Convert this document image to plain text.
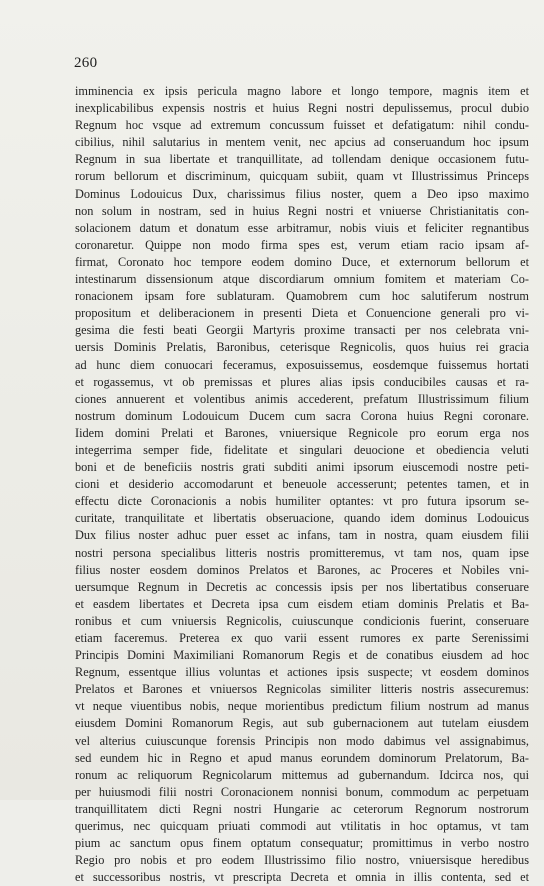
260
imminencia ex ipsis pericula magno labore et longo tempore, magnis item et
inexplicabilibus expensis nostris et huius Regni nostri depulissemus, procul dubio
Regnum hoc vsque ad extremum concussum fuisset et defatigatum: nihil condu-
cibilius, nihil salutarius in mentem venit, nec apcius ad conseruandum hoc ipsum
Regnum in sua libertate et tranquillitate, ad tollendam denique occasionem futu-
rorum bellorum et discriminum, quicquam subiit, quam vt Illustrissimus Princeps
Dominus Lodouicus Dux, charissimus filius noster, quem a Deo ipso maximo
non solum in nostram, sed in huius Regni nostri et vniuerse Christianitatis con-
solacionem datum et donatum esse arbitramur, nobis viuis et feliciter regnantibus
coronaretur. Quippe non modo firma spes est, verum etiam racio ipsam af-
firmat, Coronato hoc tempore eodem domino Duce, et externorum bellorum et
intestinarum dissensionum atque discordiarum omnium fomitem et materiam Co-
ronacionem ipsam fore sublaturam. Quamobrem cum hoc salutiferum nostrum
propositum et deliberacionem in presenti Dieta et Conuencione generali pro vi-
gesima die festi beati Georgii Martyris proxime transacti per nos celebrata vni-
uersis Dominis Prelatis, Baronibus, ceterisque Regnicolis, quos huius rei gracia
ad hunc diem conuocari feceramus, exposuissemus, eosdemque fuissemus hortati
et rogassemus, vt ob premissas et plures alias ipsis conducibiles causas et ra-
ciones annuerent et volentibus animis accederent, prefatum Illustrissimum filium
nostrum dominum Lodouicum Ducem cum sacra Corona huius Regni coronare.
Iidem domini Prelati et Barones, vniuersique Regnicole pro eorum erga nos
integerrima semper fide, fidelitate et singulari deuocione et obediencia veluti
boni et de beneficiis nostris grati subditi animi ipsorum eiuscemodi nostre peti-
cioni et desiderio accomodarunt et beneuole accesserunt; petentes tamen, et in
effectu dicte Coronacionis a nobis humiliter optantes: vt pro futura ipsorum se-
curitate, tranquilitate et libertatis obseruacione, quando idem dominus Lodouicus
Dux filius noster adhuc puer esset ac infans, tam in nostra, quam eiusdem filii
nostri persona specialibus litteris nostris promitteremus, vt tam nos, quam ipse
filius noster eosdem dominos Prelatos et Barones, ac Proceres et Nobiles vni-
uersumque Regnum in Decretis ac concessis ipsis per nos libertatibus conseruare
et easdem libertates et Decreta ipsa cum eisdem etiam dominis Prelatis et Ba-
ronibus et cum vniuersis Regnicolis, cuiuscunque condicionis fuerint, conseruare
etiam faceremus. Preterea ex quo varii essent rumores ex parte Serenissimi
Principis Domini Maximiliani Romanorum Regis et de conatibus eiusdem ad hoc
Regnum, essentque illius voluntas et actiones ipsis suspecte; vt eosdem dominos
Prelatos et Barones et vniuersos Regnicolas similiter litteris nostris assecuremus:
vt neque viuentibus nobis, neque morientibus predictum filium nostrum ad manus
eiusdem Domini Romanorum Regis, aut sub gubernacionem aut tutelam eiusdem
vel alterius cuiuscunque forensis Principis non modo dabimus vel assignabimus,
sed eundem hic in Regno et apud manus eorundem dominorum Prelatorum, Ba-
ronum ac reliquorum Regnicolarum mittemus ad gubernandum. Idcirca nos, qui
per huiusmodi filii nostri Coronacionem nonnisi bonum, commodum ac perpetuam
tranquillitatem dicti Regni nostri Hungarie ac ceterorum Regnorum nostrorum
querimus, nec quicquam priuati commodi aut vtilitatis in hoc optamus, vt tam
pium ac sanctum opus finem optatum consequatur; promittimus in verbo nostro
Regio pro nobis et pro eodem Illustrissimo filio nostro, vniuersisque heredibus
et successoribus nostris, vt prescripta Decreta et omnia in illis contenta, sed et
